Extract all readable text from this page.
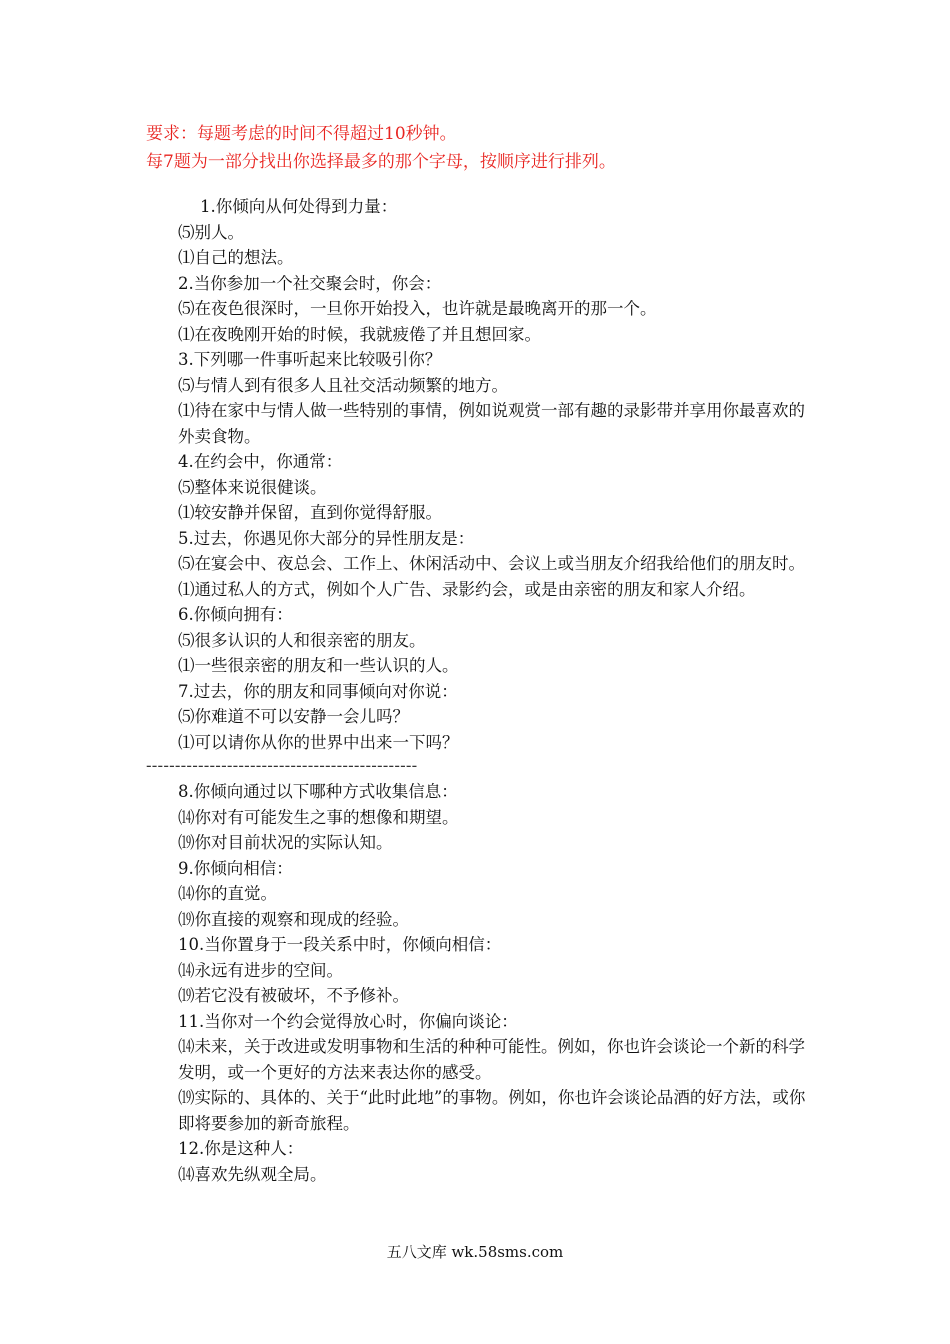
要求：每题考虑的时间不得超过10秒钟。
每7题为一部分找出你选择最多的那个字母，按顺序进行排列。
1.你倾向从何处得到力量：
⑸别人。
⑴自己的想法。
2.当你参加一个社交聚会时，你会：
⑸在夜色很深时，一旦你开始投入，也许就是最晚离开的那一个。
⑴在夜晚刚开始的时候，我就疲倦了并且想回家。
3.下列哪一件事听起来比较吸引你？
⑸与情人到有很多人且社交活动频繁的地方。
⑴待在家中与情人做一些特别的事情，例如说观赏一部有趣的录影带并享用你最喜欢的外卖食物。
4.在约会中，你通常：
⑸整体来说很健谈。
⑴较安静并保留，直到你觉得舒服。
5.过去，你遇见你大部分的异性朋友是：
⑸在宴会中、夜总会、工作上、休闲活动中、会议上或当朋友介绍我给他们的朋友时。
⑴通过私人的方式，例如个人广告、录影约会，或是由亲密的朋友和家人介绍。
6.你倾向拥有：
⑸很多认识的人和很亲密的朋友。
⑴一些很亲密的朋友和一些认识的人。
7.过去，你的朋友和同事倾向对你说：
⑸你难道不可以安静一会儿吗？
⑴可以请你从你的世界中出来一下吗？
-----------------------------------------------
8.你倾向通过以下哪种方式收集信息：
⒁你对有可能发生之事的想像和期望。
⒆你对目前状况的实际认知。
9.你倾向相信：
⒁你的直觉。
⒆你直接的观察和现成的经验。
10.当你置身于一段关系中时，你倾向相信：
⒁永远有进步的空间。
⒆若它没有被破坏，不予修补。
11.当你对一个约会觉得放心时，你偏向谈论：
⒁未来，关于改进或发明事物和生活的种种可能性。例如，你也许会谈论一个新的科学发明，或一个更好的方法来表达你的感受。
⒆实际的、具体的、关于“此时此地”的事物。例如，你也许会谈论品酒的好方法，或你即将要参加的新奇旅程。
12.你是这种人：
⒁喜欢先纵观全局。
五八文库 wk.58sms.com
